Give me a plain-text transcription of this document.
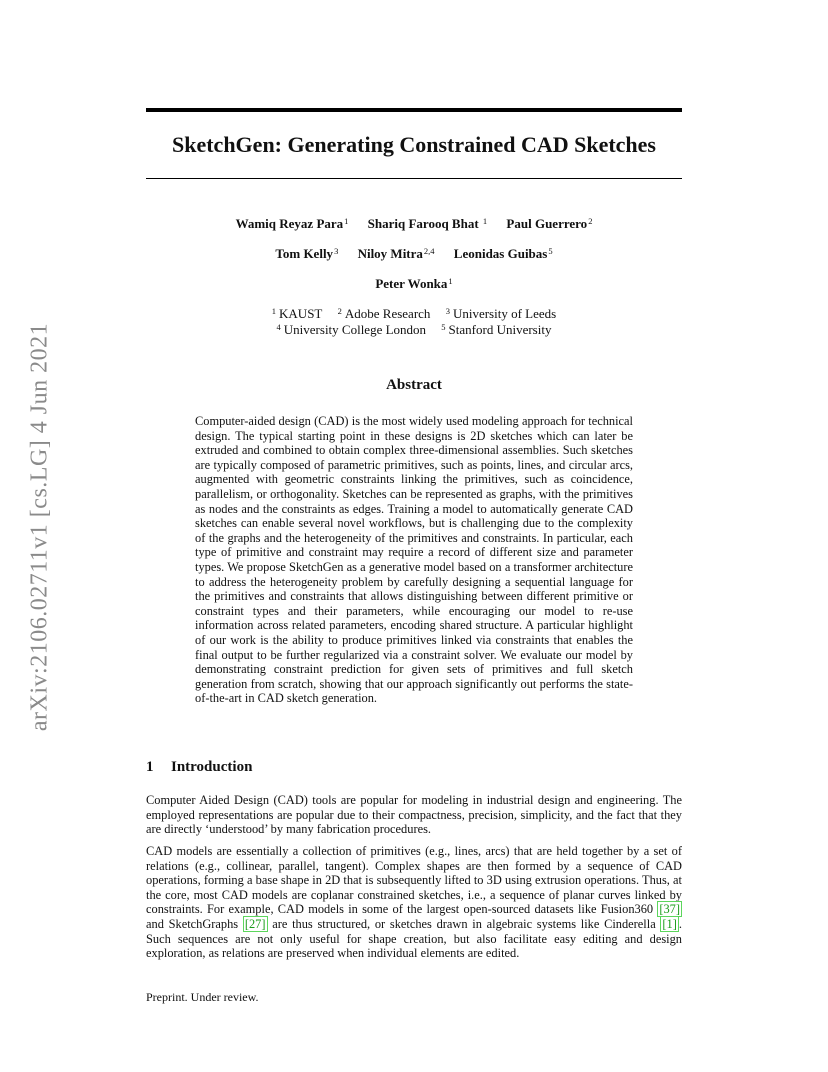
SketchGen: Generating Constrained CAD Sketches
arXiv:2106.02711v1 [cs.LG] 4 Jun 2021
Wamiq Reyaz Para$^1$ Shariq Farooq Bhat $^1$ Paul Guerrero$^2$
Tom Kelly$^3$ Niloy Mitra$^{2,4}$ Leonidas Guibas$^5$
Peter Wonka$^1$
$^1$ KAUST $^2$ Adobe Research $^3$ University of Leeds
$^4$ University College London $^5$ Stanford University
Abstract

Computer-aided design (CAD) is the most widely used modeling approach for technical design. The typical starting point in these designs is 2D sketches which can later be extruded and combined to obtain complex three-dimensional assemblies. Such sketches are typically composed of parametric primitives, such as points, lines, and circular arcs, augmented with geometric constraints linking the primitives, such as coincidence, parallelism, or orthogonality. Sketches can be represented as graphs, with the primitives as nodes and the constraints as edges. Training a model to automatically generate CAD sketches can enable several novel workflows, but is challenging due to the complexity of the graphs and the heterogeneity of the primitives and constraints. In particular, each type of primitive and constraint may require a record of different size and parameter types. We propose SketchGen as a generative model based on a transformer architecture to address the heterogeneity problem by carefully designing a sequential language for the primitives and constraints that allows distinguishing between different primitive or constraint types and their parameters, while encouraging our model to re-use information across related parameters, encoding shared structure. A particular highlight of our work is the ability to produce primitives linked via constraints that enables the final output to be further regularized via a constraint solver. We evaluate our model by demonstrating constraint prediction for given sets of primitives and full sketch generation from scratch, showing that our approach significantly out performs the state-of-the-art in CAD sketch generation.

1 Introduction

Computer Aided Design (CAD) tools are popular for modeling in industrial design and engineering. The employed representations are popular due to their compactness, precision, simplicity, and the fact that they are directly ‘understood’ by many fabrication procedures.

CAD models are essentially a collection of primitives (e.g., lines, arcs) that are held together by a set of relations (e.g., collinear, parallel, tangent). Complex shapes are then formed by a sequence of CAD operations, forming a base shape in 2D that is subsequently lifted to 3D using extrusion operations. Thus, at the core, most CAD models are coplanar constrained sketches, i.e., a sequence of planar curves linked by constraints. For example, CAD models in some of the largest open-sourced datasets like Fusion360 [37] and SketchGraphs [27] are thus structured, or sketches drawn in algebraic systems like Cinderella [1] . Such sequences are not only useful for shape creation, but also facilitate easy editing and design exploration, as relations are preserved when individual elements are edited.

Preprint. Under review.
